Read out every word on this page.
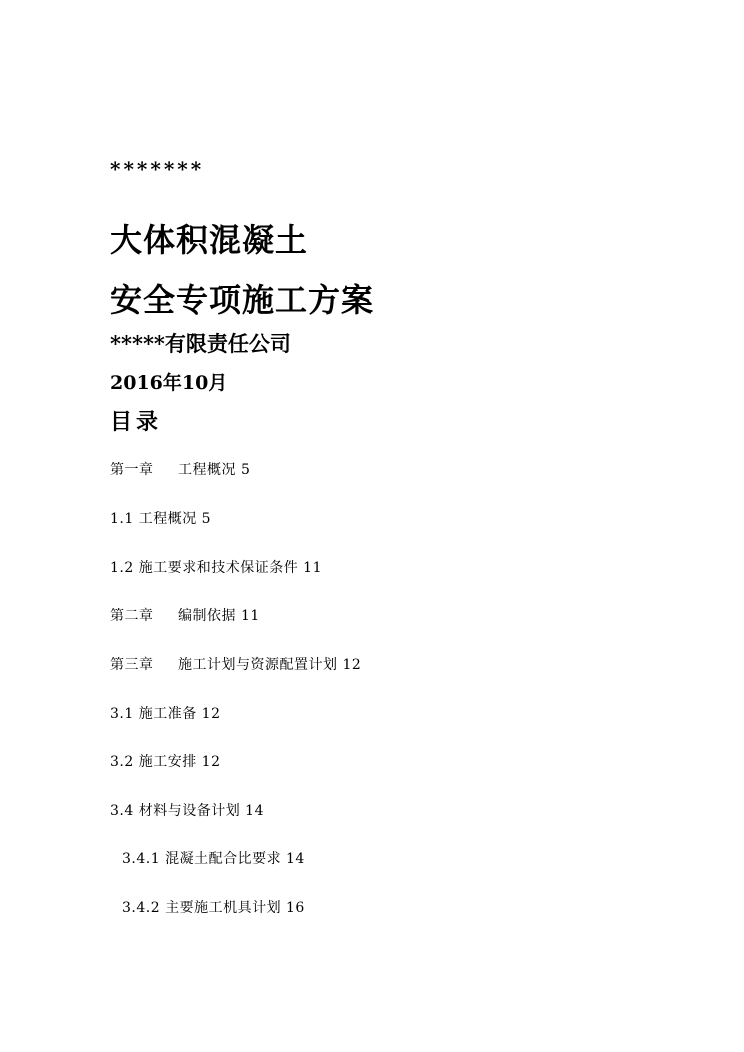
*******
大体积混凝土
安全专项施工方案
*****有限责任公司
2016年10月
目录
第一章 工程概况 5
1.1 工程概况 5
1.2 施工要求和技术保证条件 11
第二章 编制依据 11
第三章 施工计划与资源配置计划 12
3.1 施工准备 12
3.2 施工安排 12
3.4 材料与设备计划 14
3.4.1 混凝土配合比要求 14
3.4.2 主要施工机具计划 16
